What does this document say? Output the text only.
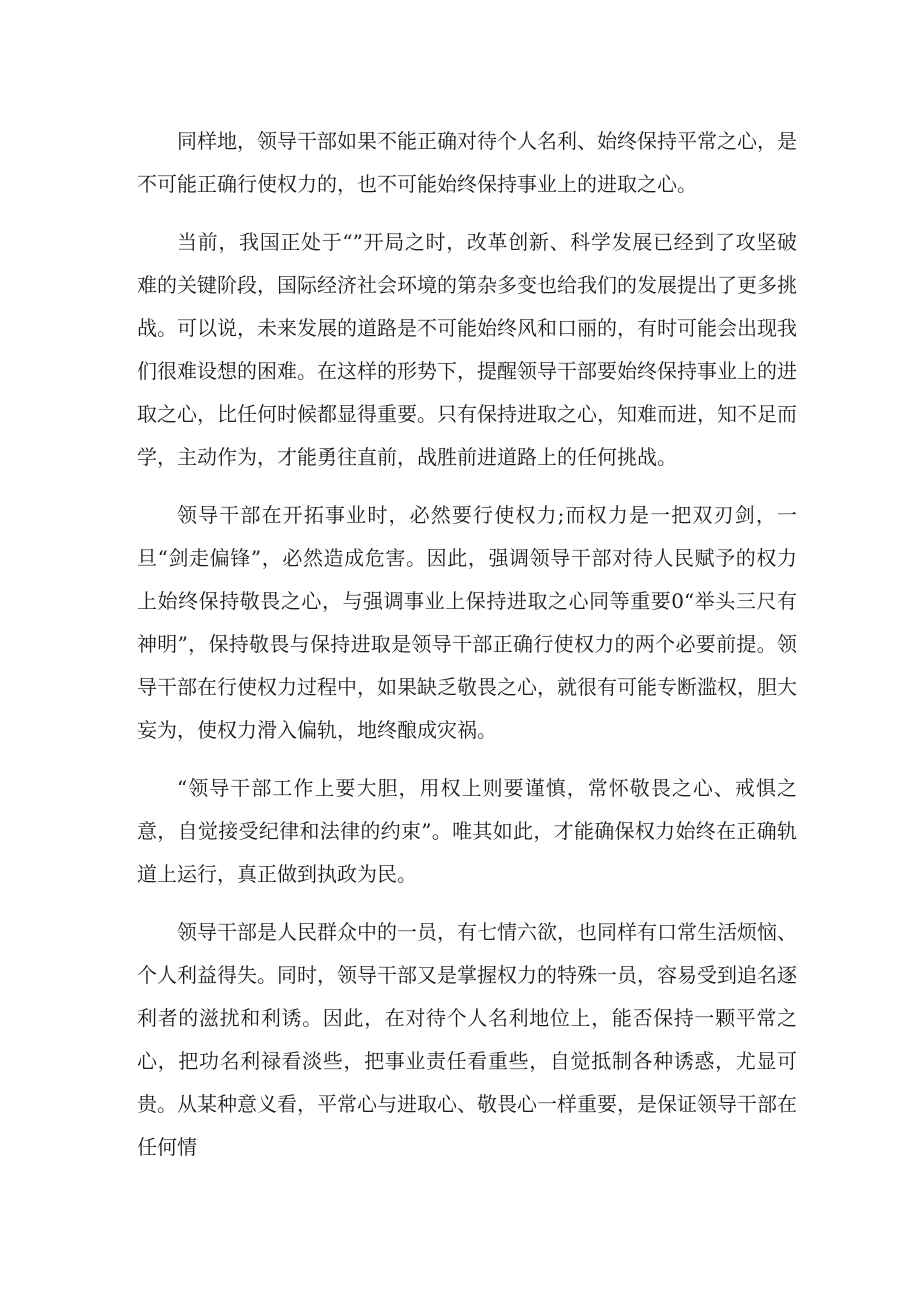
同样地，领导干部如果不能正确对待个人名利、始终保持平常之心，是不可能正确行使权力的，也不可能始终保持事业上的进取之心。

当前，我国正处于“”开局之时，改革创新、科学发展已经到了攻坚破难的关键阶段，国际经济社会环境的第杂多变也给我们的发展提出了更多挑战。可以说，未来发展的道路是不可能始终风和口丽的，有时可能会出现我们很难设想的困难。在这样的形势下，提醒领导干部要始终保持事业上的进取之心，比任何时候都显得重要。只有保持进取之心，知难而进，知不足而学，主动作为，才能勇往直前，战胜前进道路上的任何挑战。

领导干部在开拓事业时，必然要行使权力;而权力是一把双刃剑，一旦“剑走偏锋”，必然造成危害。因此，强调领导干部对待人民赋予的权力上始终保持敬畏之心，与强调事业上保持进取之心同等重要0“举头三尺有神明”，保持敬畏与保持进取是领导干部正确行使权力的两个必要前提。领导干部在行使权力过程中，如果缺乏敬畏之心，就很有可能专断滥权，胆大妄为，使权力滑入偏轨，地终酿成灾祸。

“领导干部工作上要大胆，用权上则要谨慎，常怀敬畏之心、戒惧之意，自觉接受纪律和法律的约束”。唯其如此，才能确保权力始终在正确轨道上运行，真正做到执政为民。

领导干部是人民群众中的一员，有七情六欲，也同样有口常生活烦恼、个人利益得失。同时，领导干部又是掌握权力的特殊一员，容易受到追名逐利者的滋扰和利诱。因此，在对待个人名利地位上，能否保持一颗平常之心，把功名利禄看淡些，把事业责任看重些，自觉抵制各种诱惑，尤显可贵。从某种意义看，平常心与进取心、敬畏心一样重要，是保证领导干部在任何情
